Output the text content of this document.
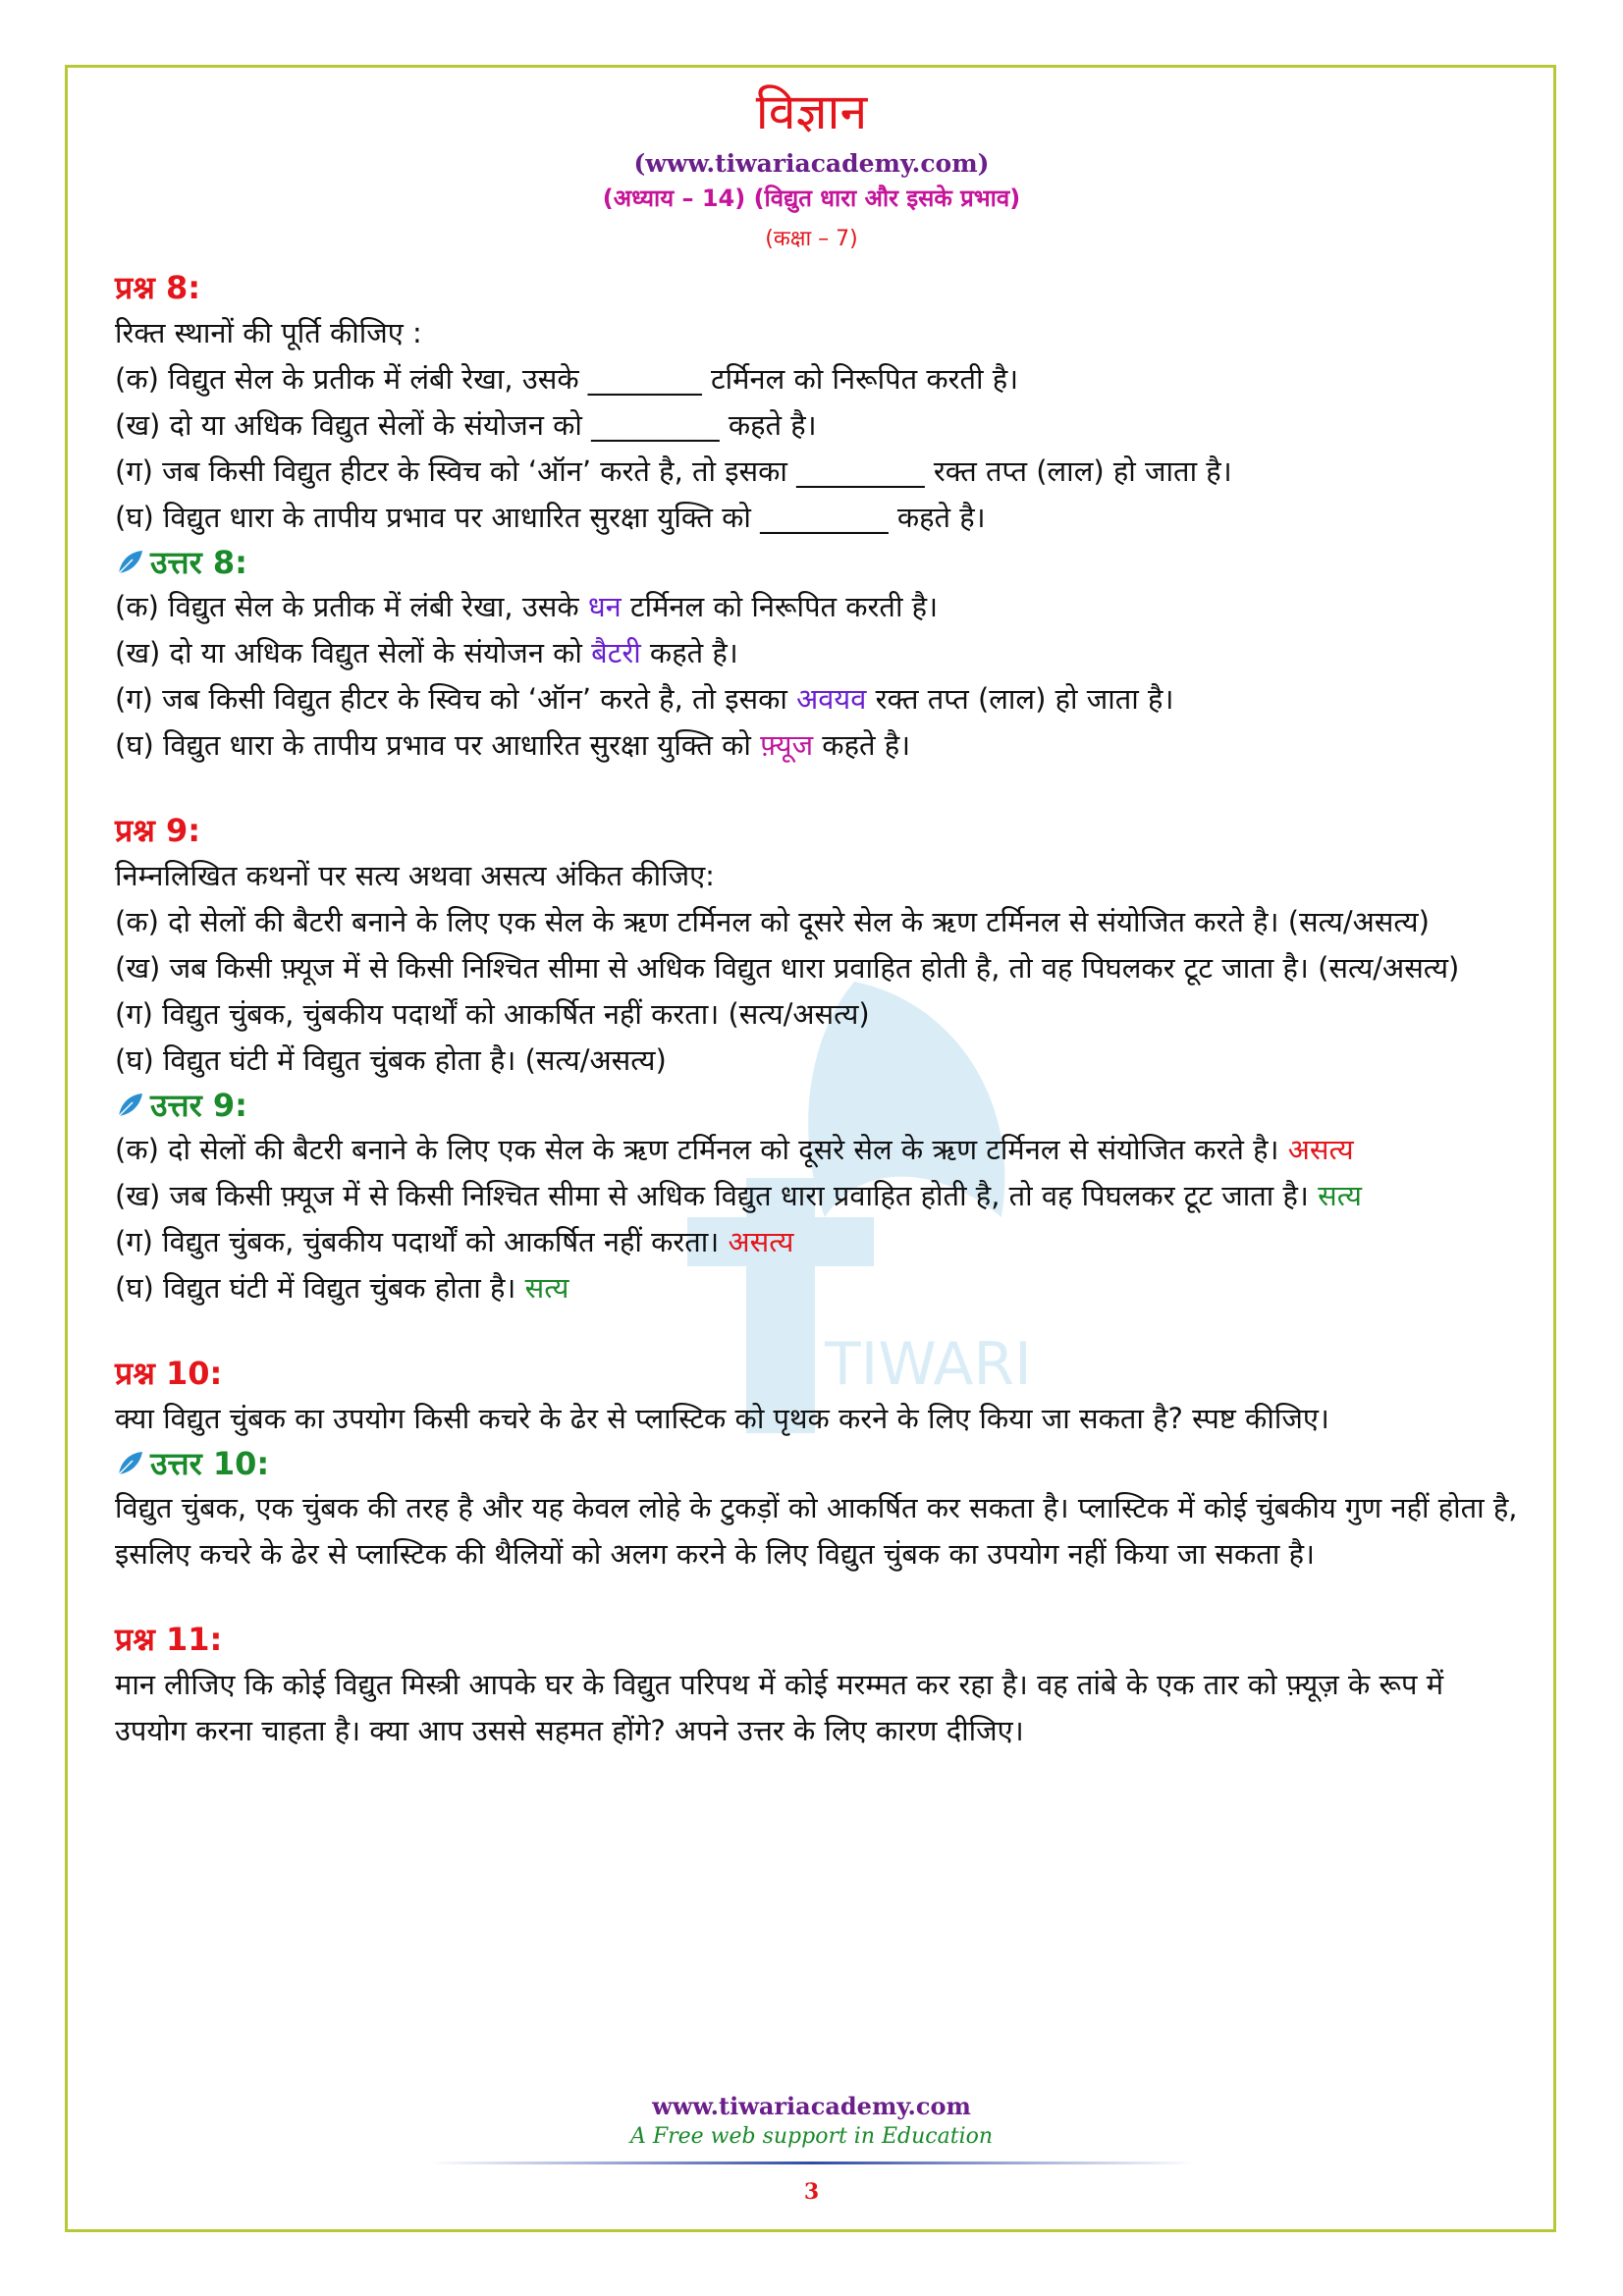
TIWARI
विज्ञान
(www.tiwariacademy.com)
(अध्याय – 14) (विद्युत धारा और इसके प्रभाव)
(कक्षा – 7)
प्रश्न 8:
रिक्त स्थानों की पूर्ति कीजिए :
(क) विद्युत सेल के प्रतीक में लंबी रेखा, उसके ________ टर्मिनल को निरूपित करती है।
(ख) दो या अधिक विद्युत सेलों के संयोजन को _________ कहते है।
(ग) जब किसी विद्युत हीटर के स्विच को ‘ऑन’ करते है, तो इसका _________ रक्त तप्त (लाल) हो जाता है।
(घ) विद्युत धारा के तापीय प्रभाव पर आधारित सुरक्षा युक्ति को _________ कहते है।
उत्तर 8:
(क) विद्युत सेल के प्रतीक में लंबी रेखा, उसके धन टर्मिनल को निरूपित करती है।
(ख) दो या अधिक विद्युत सेलों के संयोजन को बैटरी कहते है।
(ग) जब किसी विद्युत हीटर के स्विच को ‘ऑन’ करते है, तो इसका अवयव रक्त तप्त (लाल) हो जाता है।
(घ) विद्युत धारा के तापीय प्रभाव पर आधारित सुरक्षा युक्ति को फ़्यूज कहते है।
प्रश्न 9:
निम्नलिखित कथनों पर सत्य अथवा असत्य अंकित कीजिए:
(क) दो सेलों की बैटरी बनाने के लिए एक सेल के ऋण टर्मिनल को दूसरे सेल के ऋण टर्मिनल से संयोजित करते है। (सत्य/असत्य)
(ख) जब किसी फ़्यूज में से किसी निश्चित सीमा से अधिक विद्युत धारा प्रवाहित होती है, तो वह पिघलकर टूट जाता है। (सत्य/असत्य)
(ग) विद्युत चुंबक, चुंबकीय पदार्थों को आकर्षित नहीं करता। (सत्य/असत्य)
(घ) विद्युत घंटी में विद्युत चुंबक होता है। (सत्य/असत्य)
उत्तर 9:
(क) दो सेलों की बैटरी बनाने के लिए एक सेल के ऋण टर्मिनल को दूसरे सेल के ऋण टर्मिनल से संयोजित करते है। असत्य
(ख) जब किसी फ़्यूज में से किसी निश्चित सीमा से अधिक विद्युत धारा प्रवाहित होती है, तो वह पिघलकर टूट जाता है। सत्य
(ग) विद्युत चुंबक, चुंबकीय पदार्थों को आकर्षित नहीं करता। असत्य
(घ) विद्युत घंटी में विद्युत चुंबक होता है। सत्य
प्रश्न 10:
क्या विद्युत चुंबक का उपयोग किसी कचरे के ढेर से प्लास्टिक को पृथक करने के लिए किया जा सकता है? स्पष्ट कीजिए।
उत्तर 10:
विद्युत चुंबक, एक चुंबक की तरह है और यह केवल लोहे के टुकड़ों को आकर्षित कर सकता है। प्लास्टिक में कोई चुंबकीय गुण नहीं होता है, इसलिए कचरे के ढेर से प्लास्टिक की थैलियों को अलग करने के लिए विद्युत चुंबक का उपयोग नहीं किया जा सकता है।
प्रश्न 11:
मान लीजिए कि कोई विद्युत मिस्त्री आपके घर के विद्युत परिपथ में कोई मरम्मत कर रहा है। वह तांबे के एक तार को फ़्यूज़ के रूप में उपयोग करना चाहता है। क्या आप उससे सहमत होंगे? अपने उत्तर के लिए कारण दीजिए।
www.tiwariacademy.com
A Free web support in Education
3
